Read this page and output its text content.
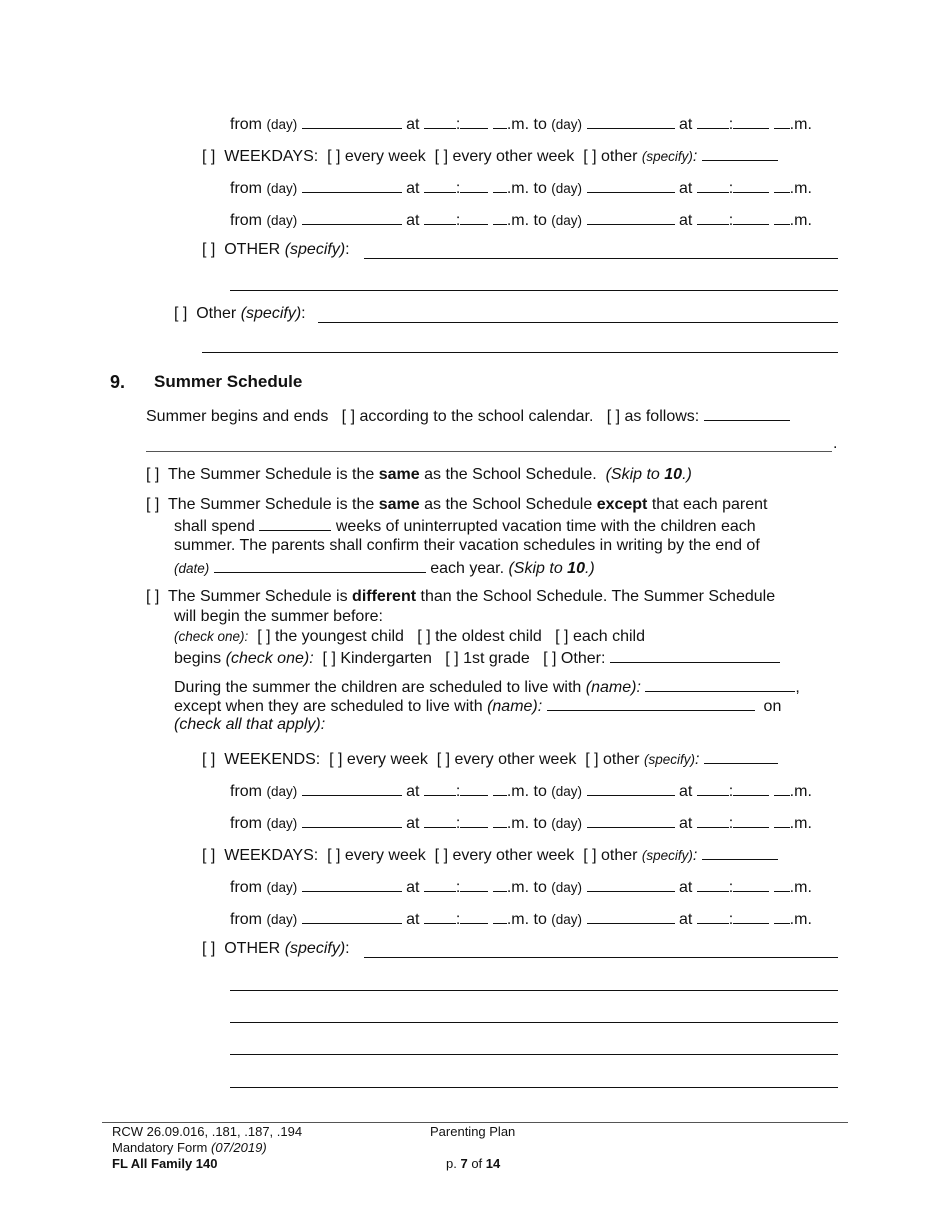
from (day)	at :	.m. to (day)	at :	.m.
[ ] WEEKDAYS: [ ] every week [ ] every other week [ ] other (specify):
from (day)	at :	.m. to (day)	at :	.m.
from (day)	at :	.m. to (day)	at :	.m.
[ ] OTHER (specify):
[ ] Other (specify):
9. Summer Schedule
Summer begins and ends [ ] according to the school calendar. [ ] as follows:
.
[ ] The Summer Schedule is the same as the School Schedule. (Skip to 10.)
[ ] The Summer Schedule is the same as the School Schedule except that each parent
shall spend	weeks of uninterrupted vacation time with the children each
summer. The parents shall confirm their vacation schedules in writing by the end of
(date)	each year. (Skip to 10.)
[ ] The Summer Schedule is different than the School Schedule. The Summer Schedule
will begin the summer before:
(check one): [ ] the youngest child [ ] the oldest child [ ] each child
begins (check one): [ ] Kindergarten [ ] 1st grade [ ] Other:
During the summer the children are scheduled to live with (name):	,
except when they are scheduled to live with (name):	on
(check all that apply):
[ ] WEEKENDS: [ ] every week [ ] every other week [ ] other (specify):
from (day)	at :	.m. to (day)	at :	.m.
from (day)	at :	.m. to (day)	at :	.m.
[ ] WEEKDAYS: [ ] every week [ ] every other week [ ] other (specify):
from (day)	at :	.m. to (day)	at :	.m.
from (day)	at :	.m. to (day)	at :	.m.
[ ] OTHER (specify):
RCW 26.09.016, .181, .187, .194
Mandatory Form (07/2019)
FL All Family 140
Parenting Plan
p. 7 of 14
